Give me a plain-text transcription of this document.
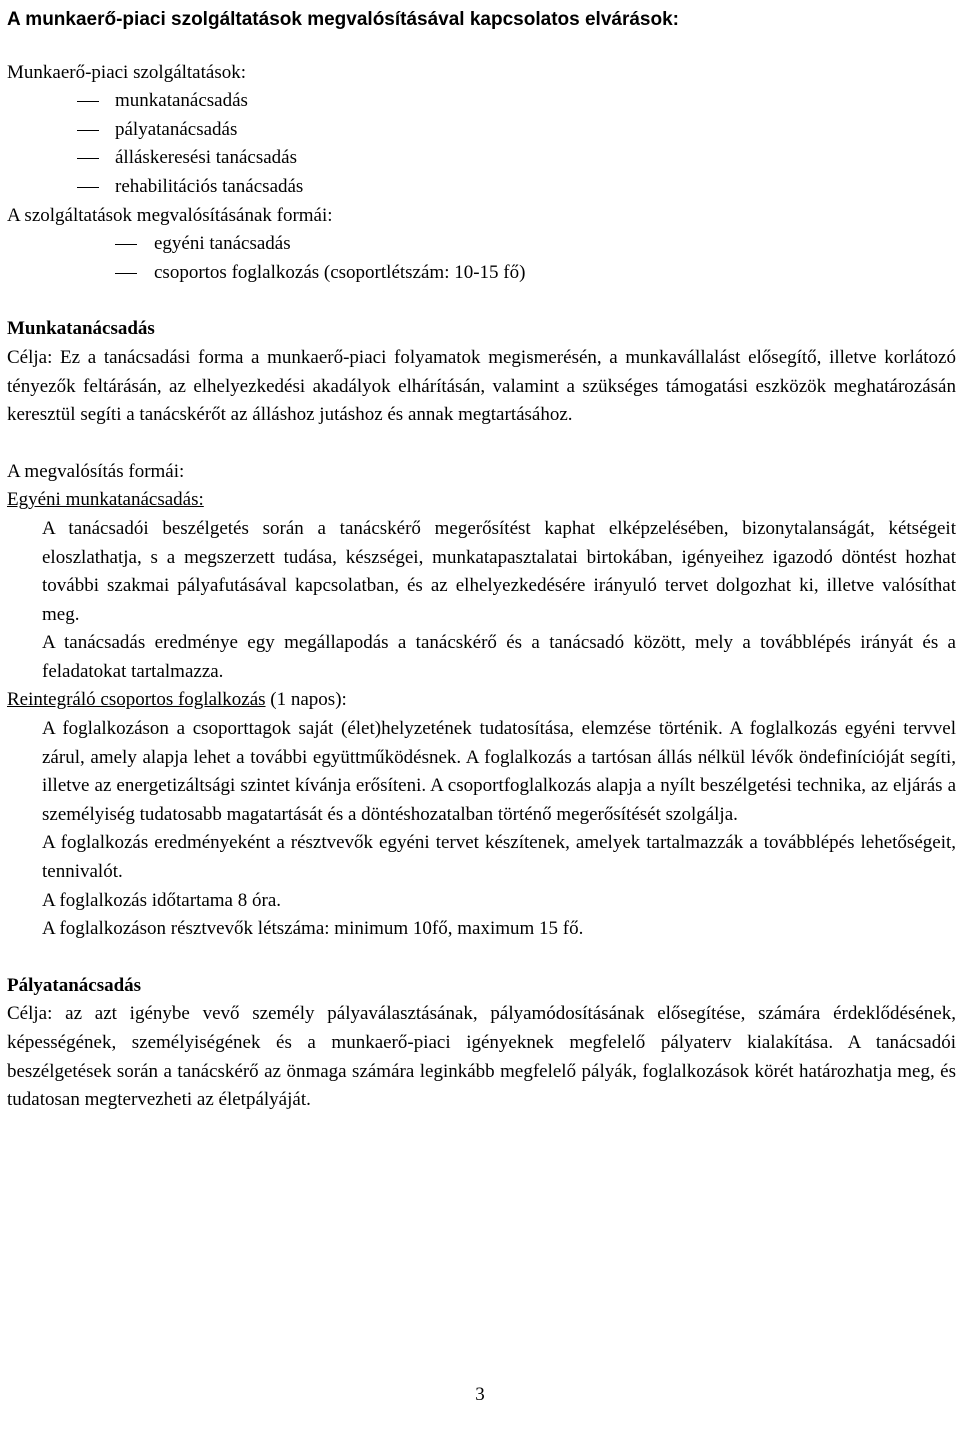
A munkaerő-piaci szolgáltatások megvalósításával kapcsolatos elvárások:
Munkaerő-piaci szolgáltatások:
munkatanácsadás
pályatanácsadás
álláskeresési tanácsadás
rehabilitációs tanácsadás
A szolgáltatások megvalósításának formái:
egyéni tanácsadás
csoportos foglalkozás (csoportlétszám: 10-15 fő)
Munkatanácsadás
Célja: Ez a tanácsadási forma a munkaerő-piaci folyamatok megismerésén, a munkavállalást elősegítő, illetve korlátozó tényezők feltárásán, az elhelyezkedési akadályok elhárításán, valamint a szükséges támogatási eszközök meghatározásán keresztül segíti a tanácskérőt az álláshoz jutáshoz és annak megtartásához.
A megvalósítás formái:
Egyéni munkatanácsadás:
A tanácsadói beszélgetés során a tanácskérő megerősítést kaphat elképzelésében, bizonytalanságát, kétségeit eloszlathatja, s a megszerzett tudása, készségei, munkatapasztalatai birtokában, igényeihez igazodó döntést hozhat további szakmai pályafutásával kapcsolatban, és az elhelyezkedésére irányuló tervet dolgozhat ki, illetve valósíthat meg.
A tanácsadás eredménye egy megállapodás a tanácskérő és a tanácsadó között, mely a továbblépés irányát és a feladatokat tartalmazza.
Reintegráló csoportos foglalkozás (1 napos):
A foglalkozáson a csoporttagok saját (élet)helyzetének tudatosítása, elemzése történik. A foglalkozás egyéni tervvel zárul, amely alapja lehet a további együttműködésnek. A foglalkozás a tartósan állás nélkül lévők öndefinícióját segíti, illetve az energetizáltsági szintet kívánja erősíteni. A csoportfoglalkozás alapja a nyílt beszélgetési technika, az eljárás a személyiség tudatosabb magatartását és a döntéshozatalban történő megerősítését szolgálja.
A foglalkozás eredményeként a résztvevők egyéni tervet készítenek, amelyek tartalmazzák a továbblépés lehetőségeit, tennivalót.
A foglalkozás időtartama 8 óra.
A foglalkozáson résztvevők létszáma: minimum 10fő, maximum 15 fő.
Pályatanácsadás
Célja: az azt igénybe vevő személy pályaválasztásának, pályamódosításának elősegítése, számára érdeklődésének, képességének, személyiségének és a munkaerő-piaci igényeknek megfelelő pályaterv kialakítása. A tanácsadói beszélgetések során a tanácskérő az önmaga számára leginkább megfelelő pályák, foglalkozások körét határozhatja meg, és tudatosan megtervezheti az életpályáját.
3
